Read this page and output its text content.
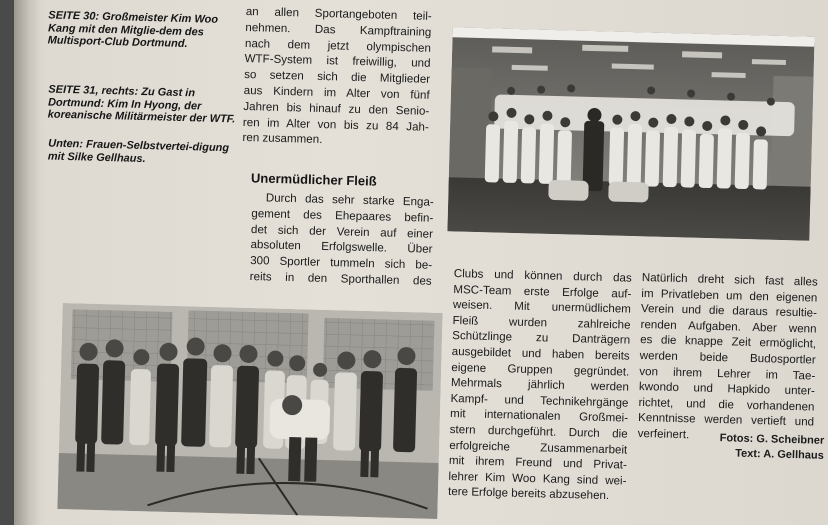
SEITE 30: Großmeister Kim Woo Kang mit den Mitglie-dem des Multisport-Club Dortmund.
SEITE 31, rechts: Zu Gast in Dortmund: Kim In Hyong, der koreanische Militärmeister der WTF.
Unten: Frauen-Selbstvertei-digung mit Silke Gellhaus.
an allen Sportangeboten teil-
nehmen. Das Kampftraining
nach dem jetzt olympischen
WTF-System ist freiwillig, und
so setzen sich die Mitglieder
aus Kindern im Alter von fünf
Jahren bis hinauf zu den Senio-
ren im Alter von bis zu 84 Jah-
ren zusammen.
Unermüdlicher Fleiß
Durch das sehr starke Enga-
gement des Ehepaares befin-
det sich der Verein auf einer
absoluten Erfolgswelle. Über
300 Sportler tummeln sich be-
reits in den Sporthallen des Clubs und können durch das
MSC-Team erste Erfolge auf-
weisen. Mit unermüdlichem
Fleiß wurden zahlreiche
Schützlinge zu Danträgern
ausgebildet und haben bereits
eigene Gruppen gegründet.
Mehrmals jährlich werden
Kampf- und Technikehrgänge
mit internationalen Großmei-
stern durchgeführt. Durch die
erfolgreiche Zusammenarbeit
mit ihrem Freund und Privat-
lehrer Kim Woo Kang sind wei-
tere Erfolge bereits abzusehen.
Natürlich dreht sich fast alles
im Privatleben um den eigenen
Verein und die daraus resultie-
renden Aufgaben. Aber wenn
es die knappe Zeit ermöglicht,
werden beide Budosportler
von ihrem Lehrer im Tae-
kwondo und Hapkido unter-
richtet, und die vorhandenen
Kenntnisse werden vertieft und
verfeinert.	Fotos: G. Scheibner
Text: A. Gellhaus
